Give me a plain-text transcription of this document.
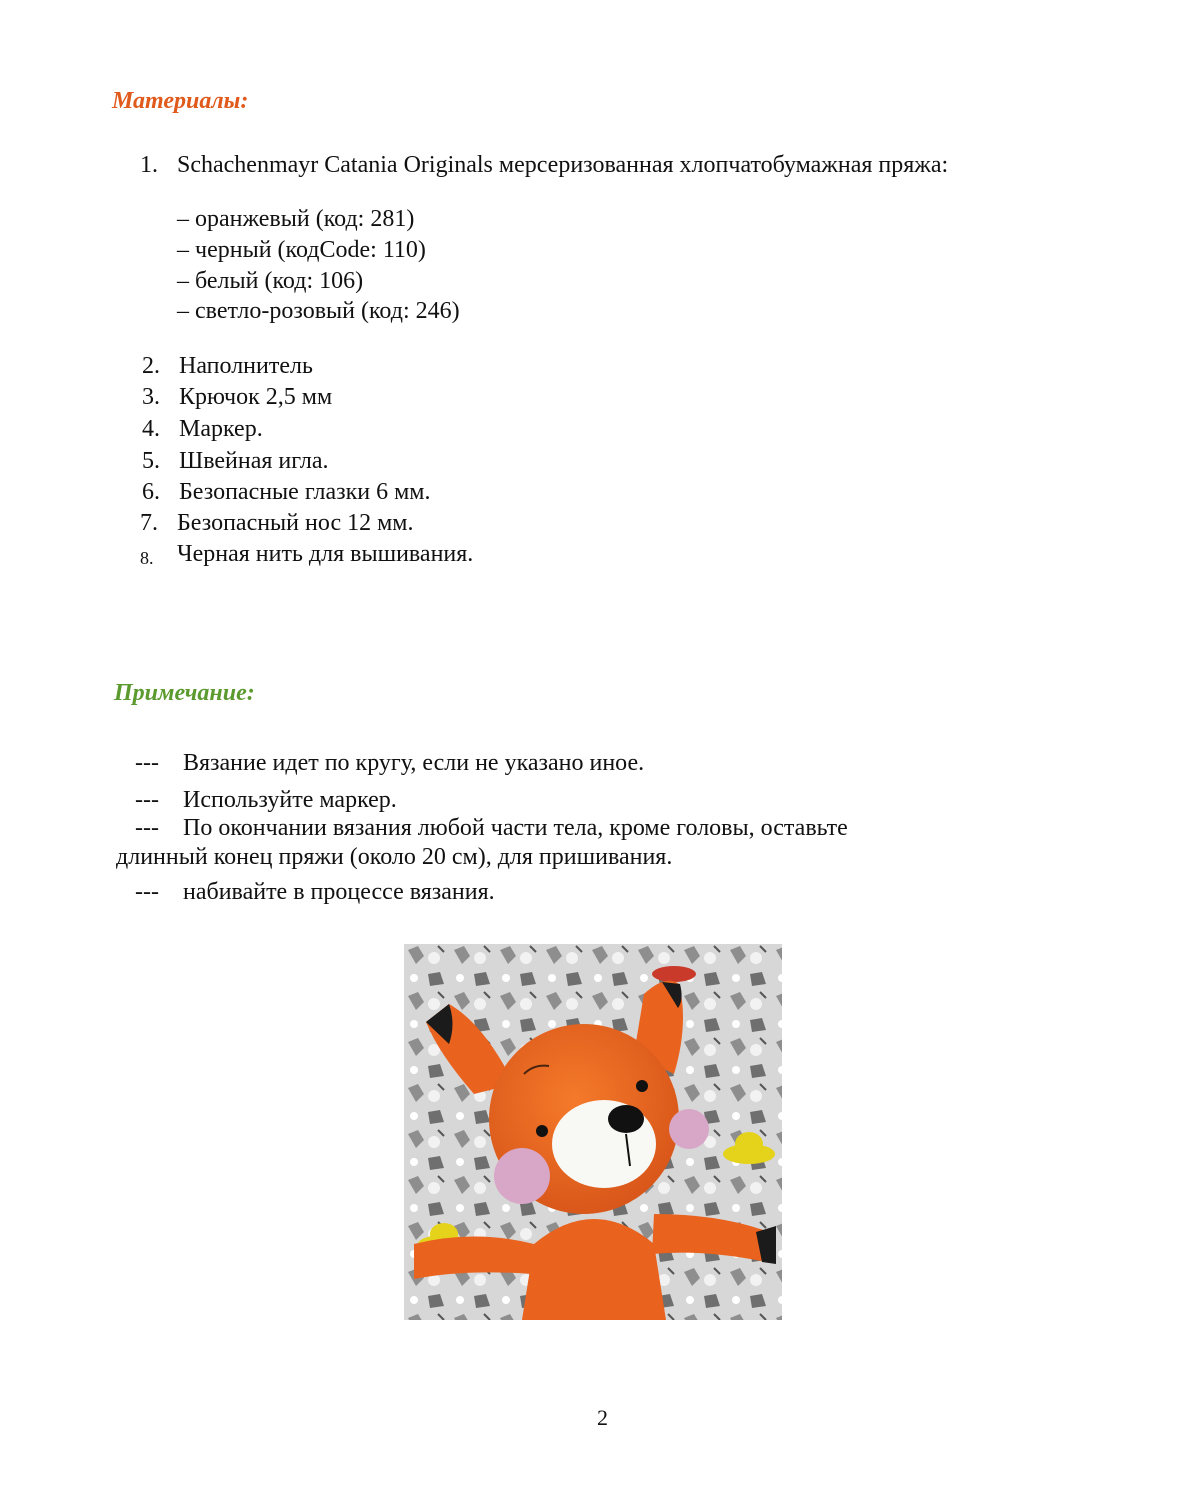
Материалы:
1. Schachenmayr Catania Originals мерсеризованная хлопчатобумажная пряжа:
– оранжевый (код: 281)
– черный (кодCode: 110)
– белый (код: 106)
– светло-розовый (код: 246)
2. Наполнитель
3. Крючок 2,5 мм
4. Маркер.
5. Швейная игла.
6. Безопасные глазки 6 мм.
7. Безопасный нос 12 мм.
8. Черная нить для вышивания.
Примечание:
--- Вязание идет по кругу, если не указано иное.
--- Используйте маркер.
--- По окончании вязания любой части тела, кроме головы, оставьте
длинный конец пряжи (около 20 см), для пришивания.
--- набивайте в процессе вязания.
2
